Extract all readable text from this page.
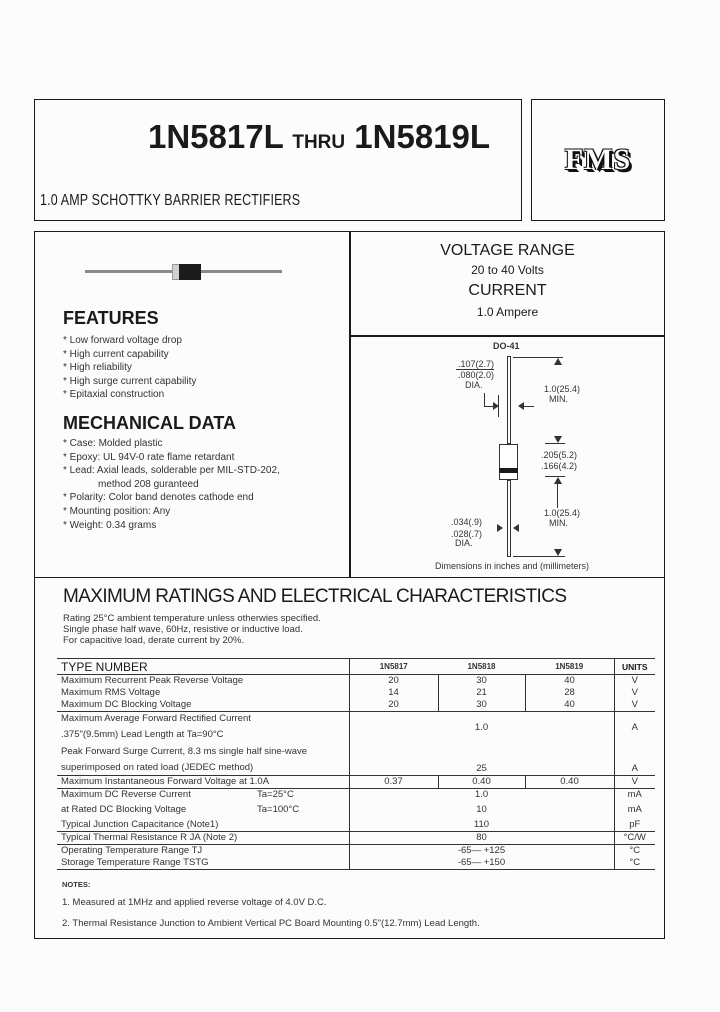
1N5817L THRU 1N5819L
1.0 AMP SCHOTTKY BARRIER RECTIFIERS
FMS
FEATURES
* Low forward voltage drop
* High current capability
* High reliability
* High surge current capability
* Epitaxial construction
MECHANICAL DATA
* Case: Molded plastic
* Epoxy: UL 94V-0 rate flame retardant
* Lead: Axial leads, solderable per MIL-STD-202,
method 208 guranteed
* Polarity: Color band denotes cathode end
* Mounting position: Any
* Weight: 0.34 grams
VOLTAGE RANGE
20 to 40 Volts
CURRENT
1.0 Ampere
DO-41
.107(2.7)
.080(2.0)
DIA.	1.0(25.4)
MIN.
.205(5.2)
.166(4.2)
1.0(25.4)
MIN.
.034(.9)
.028(.7)
DIA.
Dimensions in inches and (millimeters)
MAXIMUM RATINGS AND ELECTRICAL CHARACTERISTICS
Rating 25°C ambient temperature unless otherwies specified.
Single phase half wave, 60Hz, resistive or inductive load.
For capacitive load, derate current by 20%.
TYPE NUMBER	1N5817	1N5818	1N5819	UNITS
Maximum Recurrent Peak Reverse Voltage	20	30	40	V
Maximum RMS Voltage	14	21	28	V
Maximum DC Blocking Voltage	20	30	40	V
Maximum Average Forward Rectified Current	1.0			A
.375"(9.5mm) Lead Length at Ta=90°C				
Peak Forward Surge Current, 8.3 ms single half sine-wave	25			A
superimposed on rated load (JEDEC method)				
Maximum Instantaneous Forward Voltage at 1.0A	0.37	0.40	0.40	V
Maximum DC Reverse Current Ta=25°C	1.0			mA
at Rated DC Blocking Voltage Ta=100°C	10			mA
Typical Junction Capacitance (Note1)	110			pF
Typical Thermal Resistance R JA (Note 2)	80			°C/W
Operating Temperature Range TJ	-65— +125			°C
Storage Temperature Range TSTG	-65— +150			°C
NOTES:
1. Measured at 1MHz and applied reverse voltage of 4.0V D.C.
2. Thermal Resistance Junction to Ambient Vertical PC Board Mounting 0.5"(12.7mm) Lead Length.
